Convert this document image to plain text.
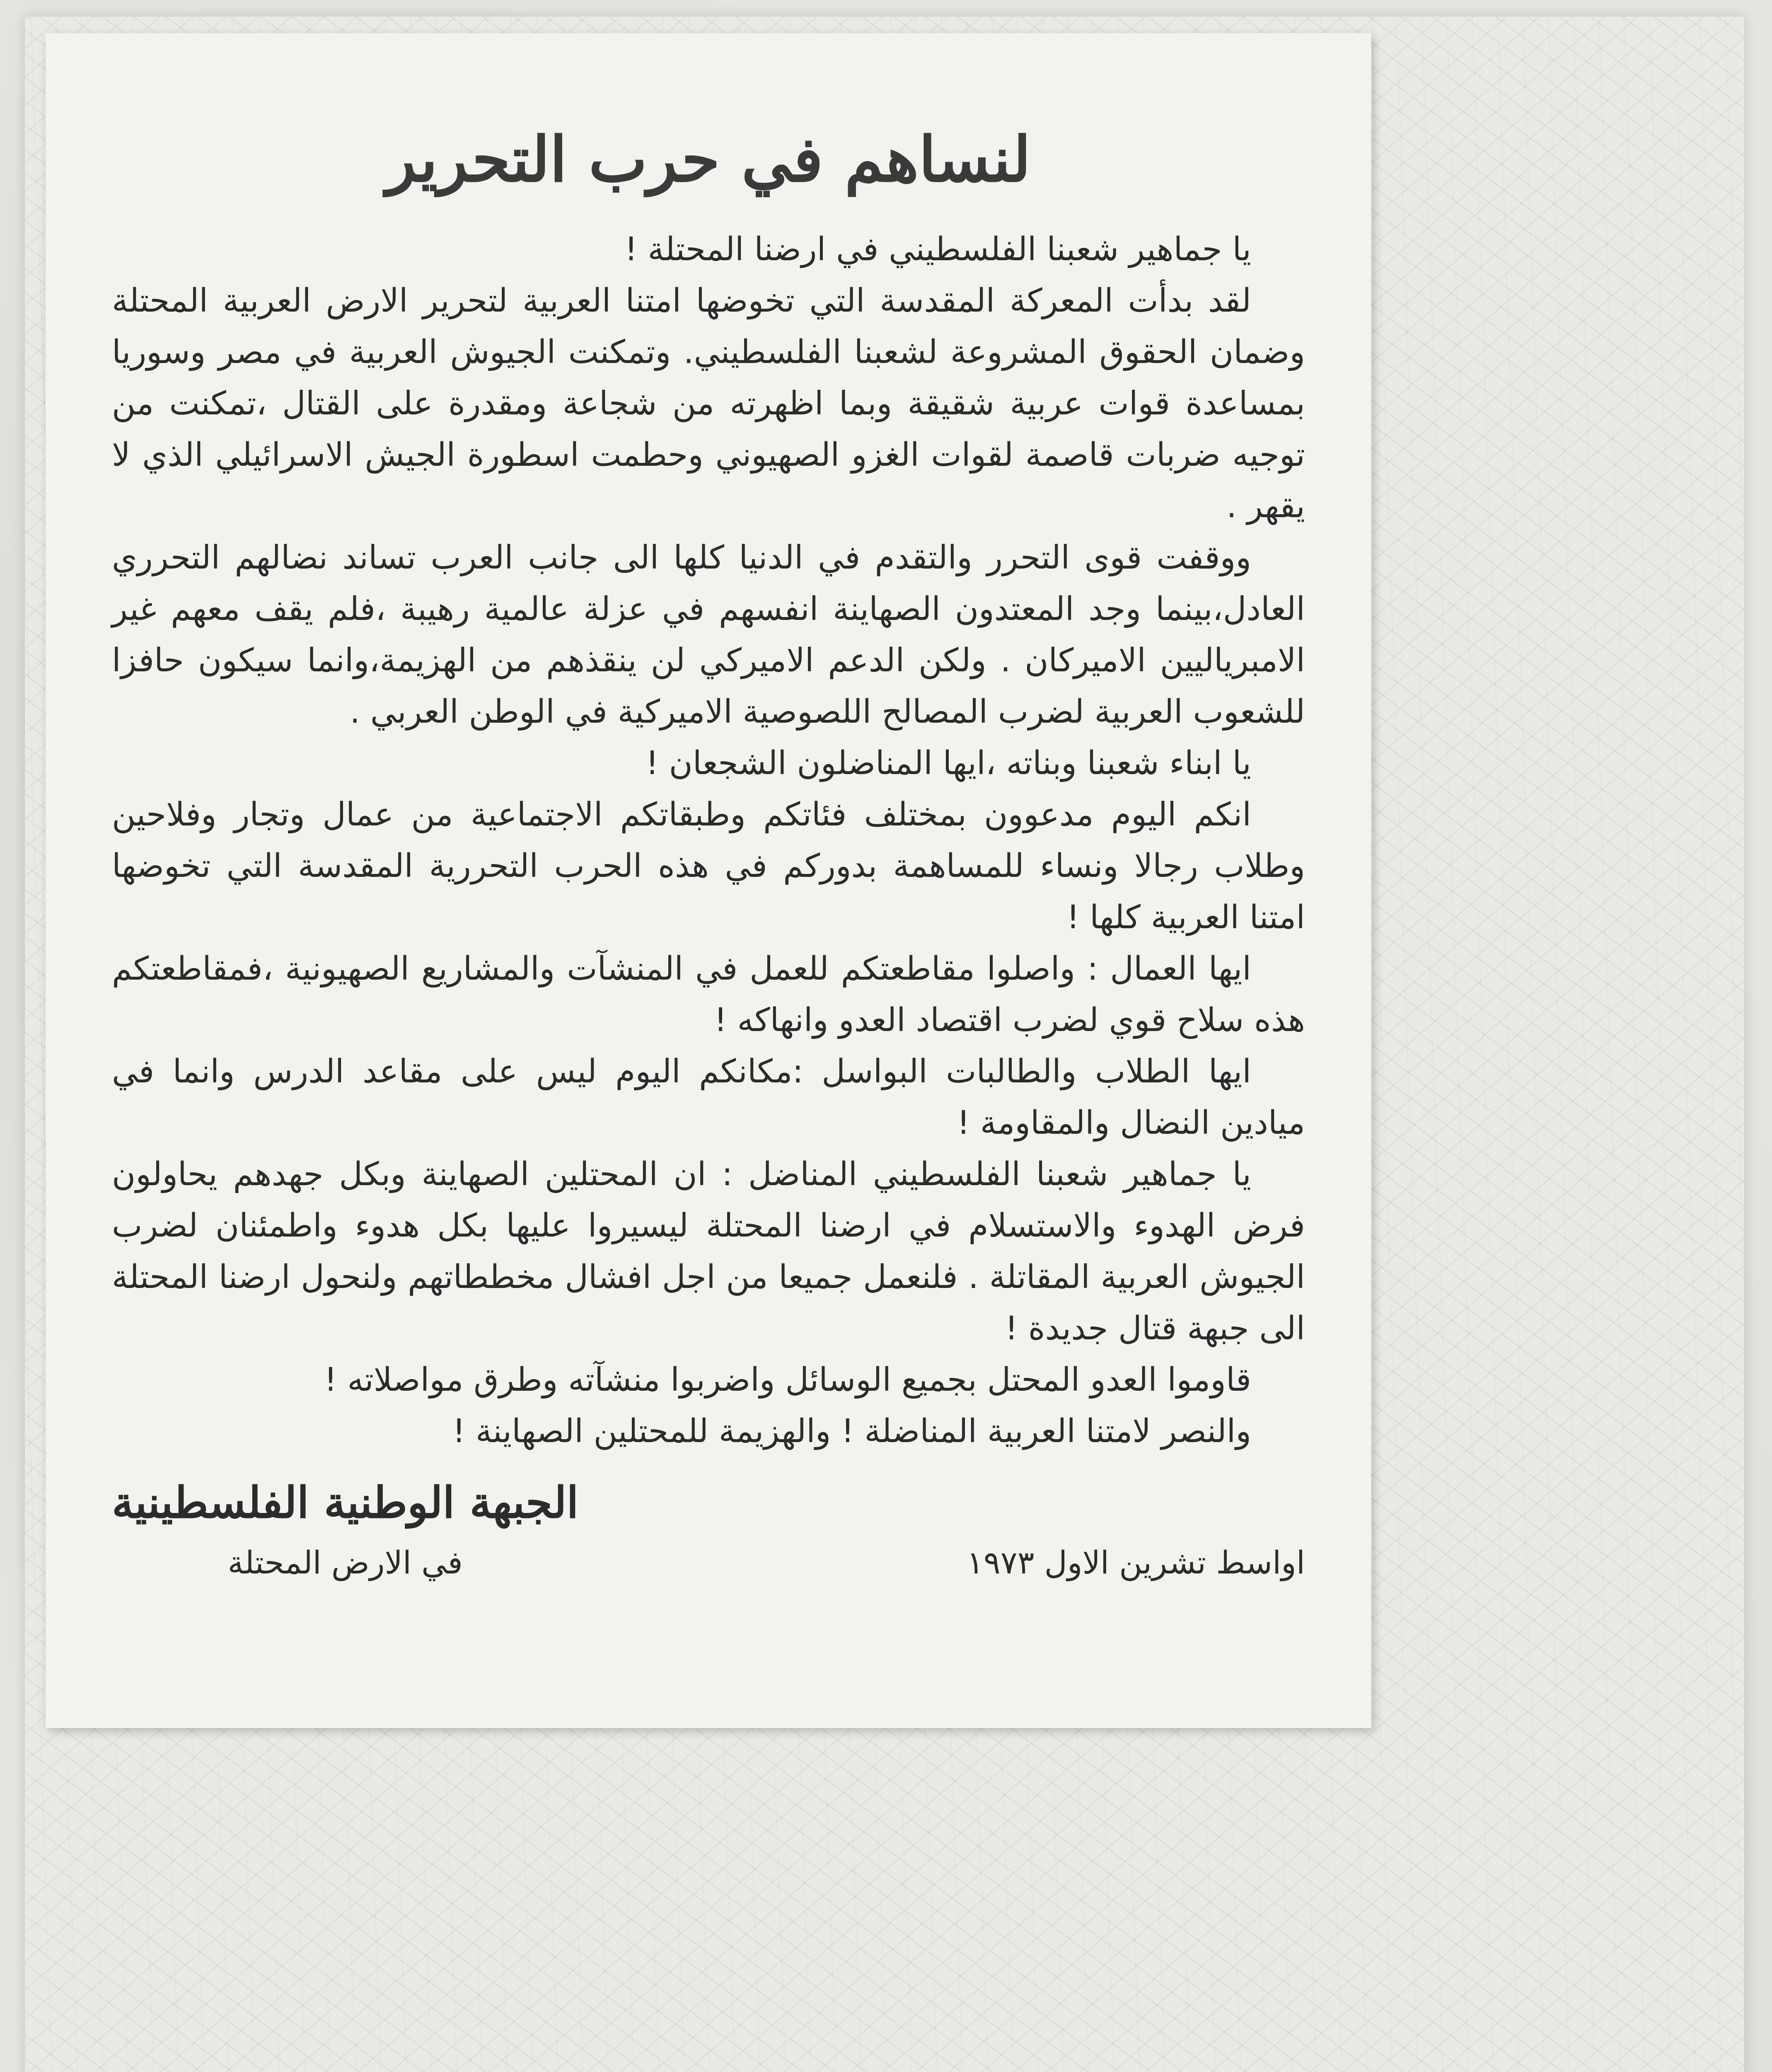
لنساهم في حرب التحرير

يا جماهير شعبنا الفلسطيني في ارضنا المحتلة !

لقد بدأت المعركة المقدسة التي تخوضها امتنا العربية لتحرير الارض العربية المحتلة وضمان الحقوق المشروعة لشعبنا الفلسطيني. وتمكنت الجيوش العربية في مصر وسوريا بمساعدة قوات عربية شقيقة وبما اظهرته من شجاعة ومقدرة على القتال ،تمكنت من توجيه ضربات قاصمة لقوات الغزو الصهيوني وحطمت اسطورة الجيش الاسرائيلي الذي لا يقهر .

ووقفت قوى التحرر والتقدم في الدنيا كلها الى جانب العرب تساند نضالهم التحرري العادل،بينما وجد المعتدون الصهاينة انفسهم في عزلة عالمية رهيبة ،فلم يقف معهم غير الامبرياليين الاميركان . ولكن الدعم الاميركي لن ينقذهم من الهزيمة،وانما سيكون حافزا للشعوب العربية لضرب المصالح اللصوصية الاميركية في الوطن العربي .

يا ابناء شعبنا وبناته ،ايها المناضلون الشجعان !

انكم اليوم مدعوون بمختلف فئاتكم وطبقاتكم الاجتماعية من عمال وتجار وفلاحين وطلاب رجالا ونساء للمساهمة بدوركم في هذه الحرب التحررية المقدسة التي تخوضها امتنا العربية كلها !

ايها العمال : واصلوا مقاطعتكم للعمل في المنشآت والمشاريع الصهيونية ،فمقاطعتكم هذه سلاح قوي لضرب اقتصاد العدو وانهاكه !

ايها الطلاب والطالبات البواسل :مكانكم اليوم ليس على مقاعد الدرس وانما في ميادين النضال والمقاومة !

يا جماهير شعبنا الفلسطيني المناضل : ان المحتلين الصهاينة وبكل جهدهم يحاولون فرض الهدوء والاستسلام في ارضنا المحتلة ليسيروا عليها بكل هدوء واطمئنان لضرب الجيوش العربية المقاتلة . فلنعمل جميعا من اجل افشال مخططاتهم ولنحول ارضنا المحتلة الى جبهة قتال جديدة !

قاوموا العدو المحتل بجميع الوسائل واضربوا منشآته وطرق مواصلاته !

والنصر لامتنا العربية المناضلة ! والهزيمة للمحتلين الصهاينة !

اواسط تشرين الاول ١٩٧٣
الجبهة الوطنية الفلسطينية
في الارض المحتلة
